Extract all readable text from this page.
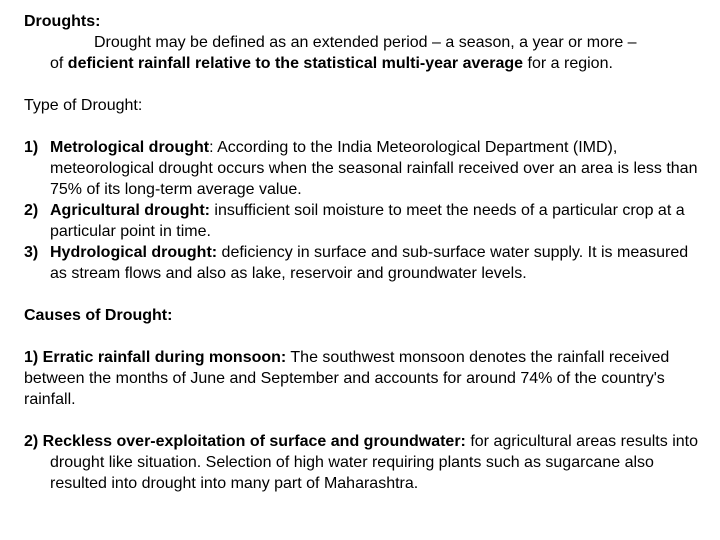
Droughts:

Drought may be defined as an extended period – a season, a year or more –

of deficient rainfall relative to the statistical multi-year average for a region.

Type of Drought:

1) Metrological drought: According to the India Meteorological Department (IMD), meteorological drought occurs when the seasonal rainfall received over an area is less than 75% of its long-term average value.
2) Agricultural drought: insufficient soil moisture to meet the needs of a particular crop at a particular point in time.
3) Hydrological drought: deficiency in surface and sub-surface water supply. It is measured as stream flows and also as lake, reservoir and groundwater levels.

Causes of Drought:

1) Erratic rainfall during monsoon: The southwest monsoon denotes the rainfall received between the months of June and September and accounts for around 74% of the country's rainfall.

2) Reckless over-exploitation of surface and groundwater: for agricultural areas results into drought like situation. Selection of high water requiring plants such as sugarcane also resulted into drought into many part of Maharashtra.
